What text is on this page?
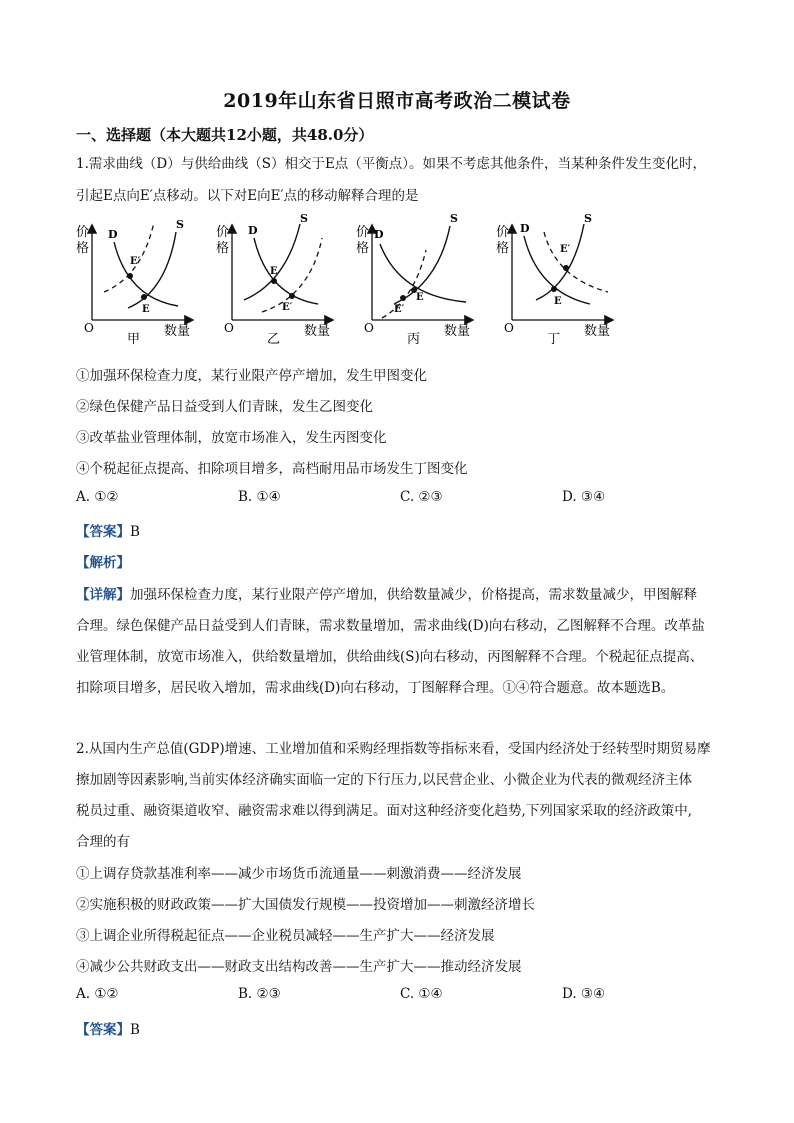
2019年山东省日照市高考政治二模试卷
一、选择题（本大题共12小题，共48.0分）
1.需求曲线（D）与供给曲线（S）相交于E点（平衡点）。如果不考虑其他条件，当某种条件发生变化时，
引起E点向E′点移动。以下对E向E′点的移动解释合理的是
价
格
O	数量
甲
D
S
E
E′
价
格
O	数量
乙
D
S
E
E′
价
格
O	数量
丙
D
S
E
E′
价
格
O	数量
丁
D
S
E
E′
①加强环保检查力度，某行业限产停产增加，发生甲图变化
②绿色保健产品日益受到人们青睐，发生乙图变化
③改革盐业管理体制，放宽市场准入，发生丙图变化
④个税起征点提高、扣除项目增多，高档耐用品市场发生丁图变化
A. ①②	B. ①④	C. ②③	D. ③④
【答案】B
【解析】
【详解】加强环保检查力度，某行业限产停产增加，供给数量减少，价格提高，需求数量减少，甲图解释
合理。绿色保健产品日益受到人们青睐，需求数量增加，需求曲线(D)向右移动，乙图解释不合理。改革盐
业管理体制，放宽市场准入，供给数量增加，供给曲线(S)向右移动，丙图解释不合理。个税起征点提高、
扣除项目增多，居民收入增加，需求曲线(D)向右移动，丁图解释合理。①④符合题意。故本题选B。
2.从国内生产总值(GDP)增速、工业增加值和采购经理指数等指标来看，受国内经济处于经转型时期贸易摩
擦加剧等因素影响,当前实体经济确实面临一定的下行压力,以民营企业、小微企业为代表的微观经济主体
税员过重、融资渠道收窄、融资需求难以得到满足。面对这种经济变化趋势,下列国家采取的经济政策中,
合理的有
①上调存贷款基准利率——减少市场货币流通量——刺激消费——经济发展
②实施积极的财政政策——扩大国债发行规模——投资增加——刺激经济增长
③上调企业所得税起征点——企业税员减轻——生产扩大——经济发展
④减少公共财政支出——财政支出结构改善——生产扩大——推动经济发展
A. ①②	B. ②③	C. ①④	D. ③④
【答案】B
